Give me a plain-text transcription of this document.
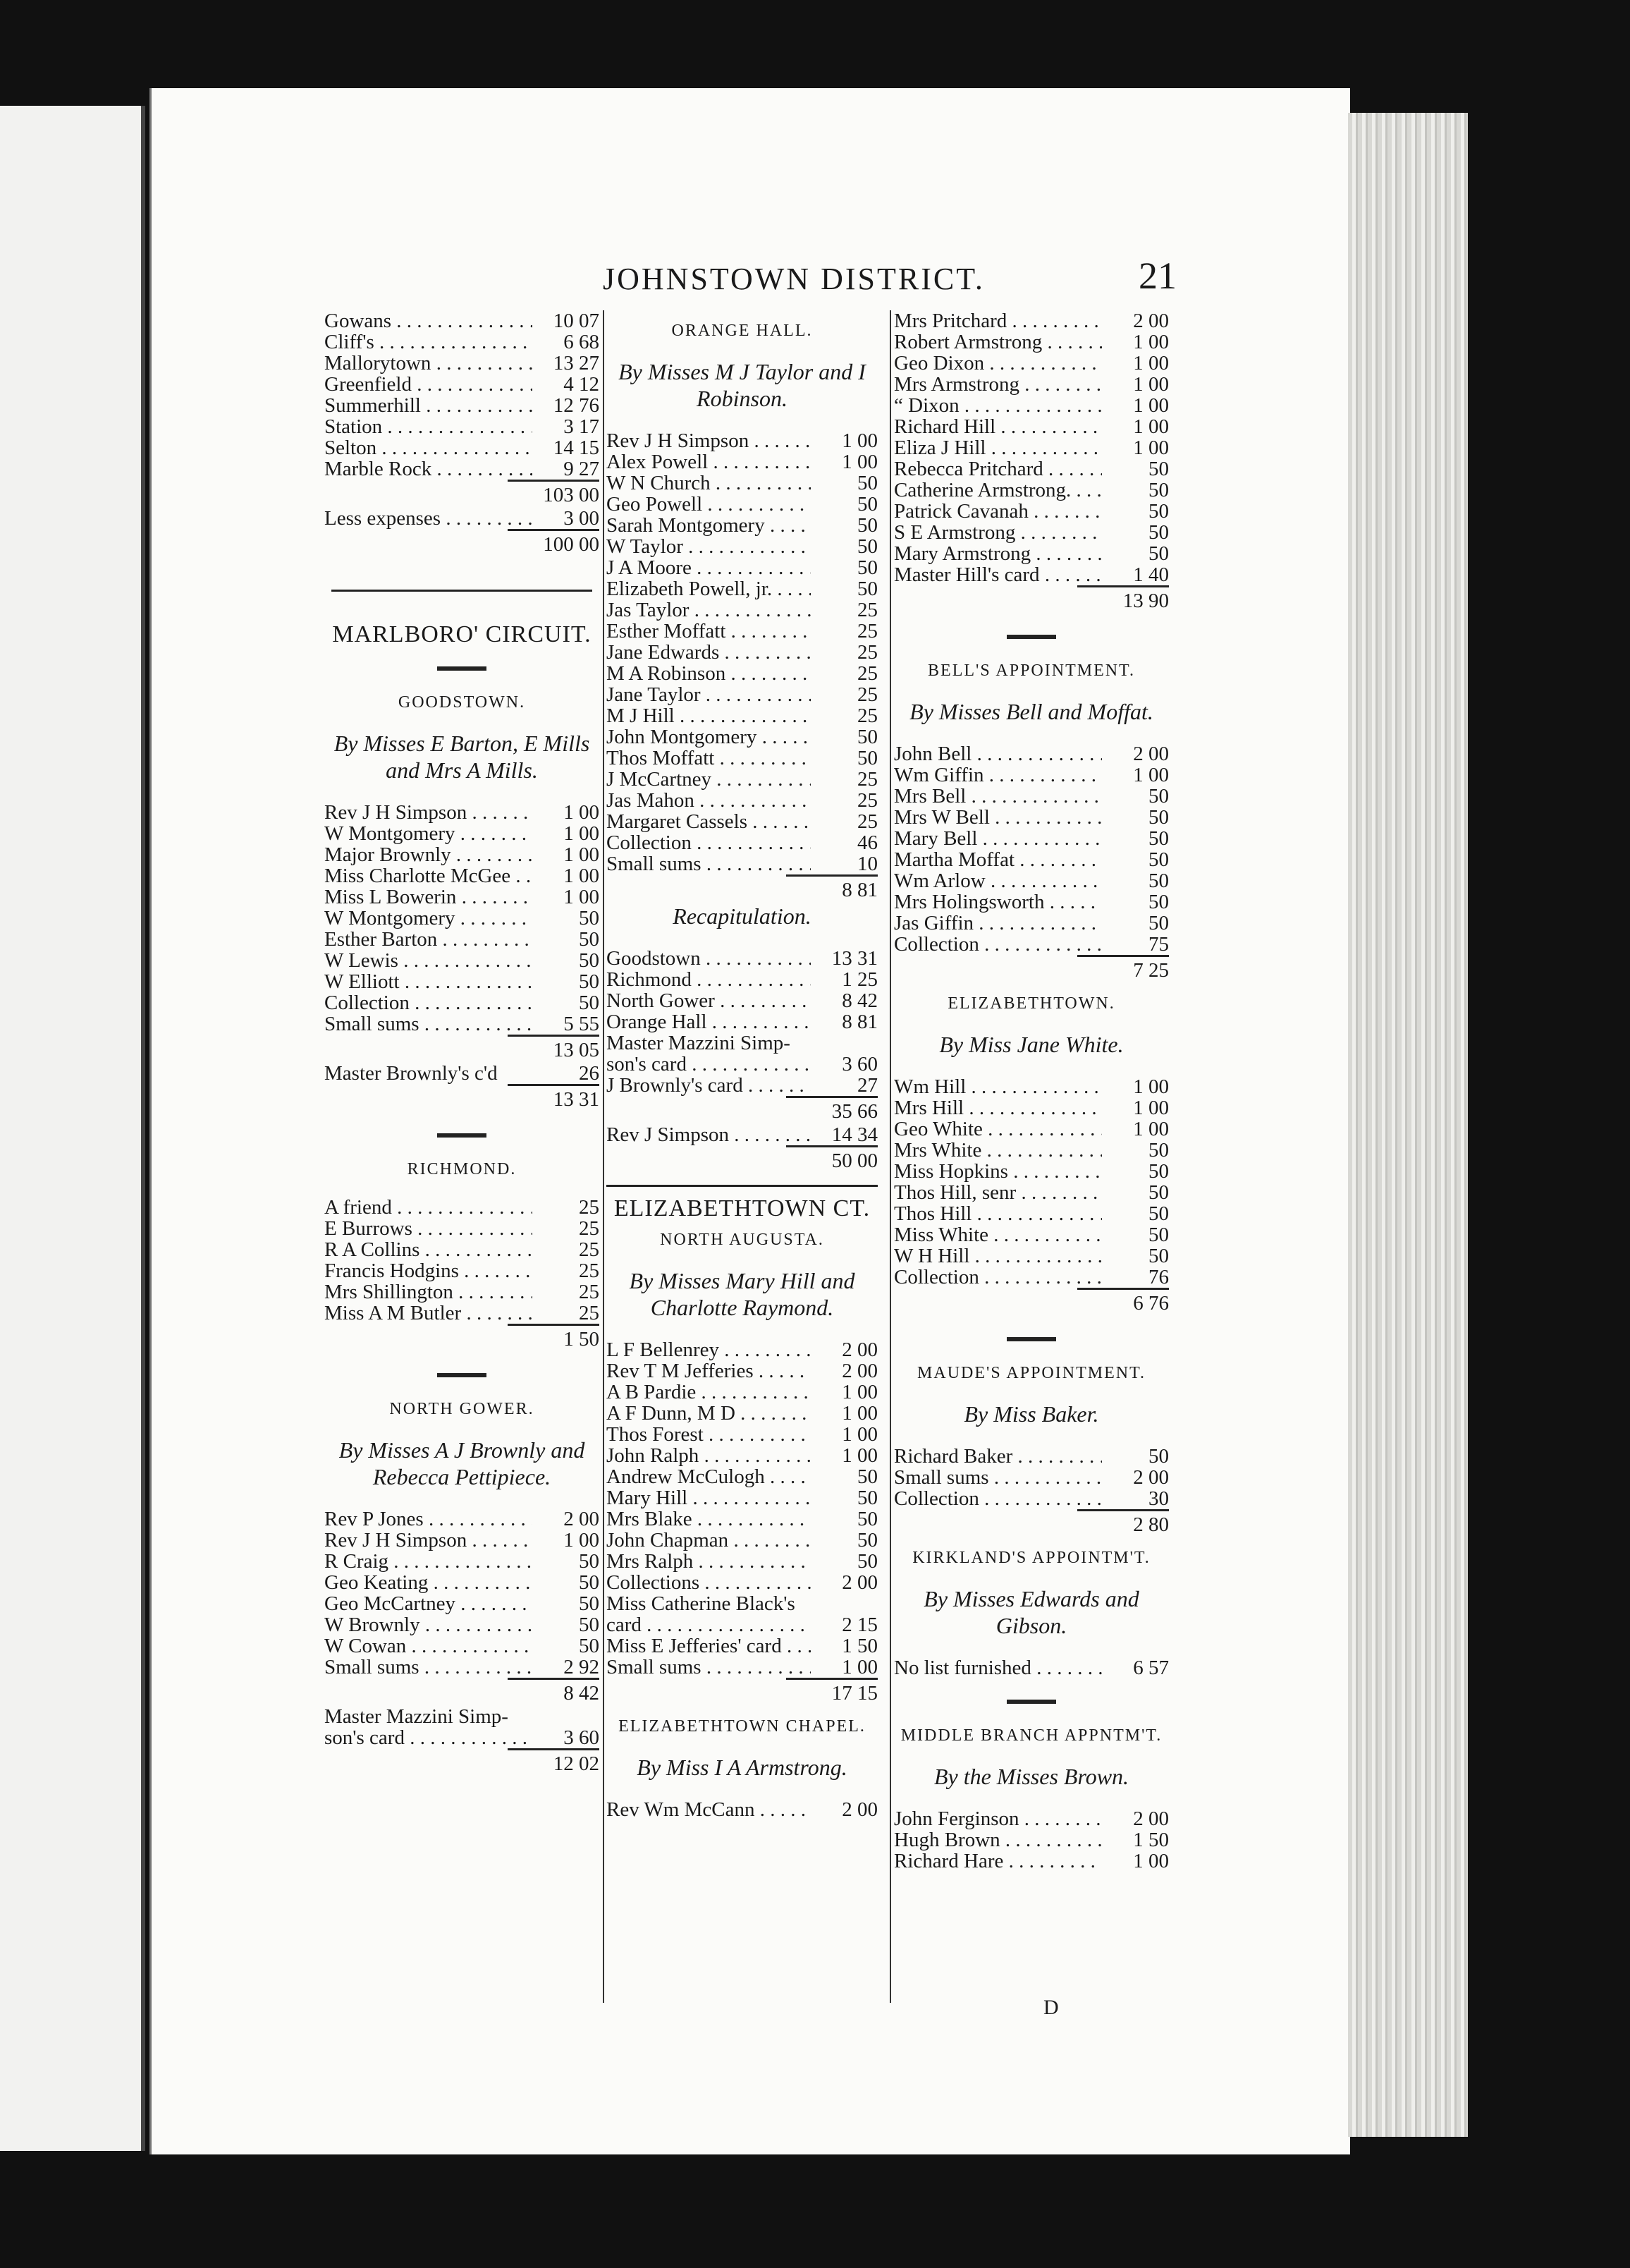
JOHNSTOWN DISTRICT.	21
Gowans . . .	10 07
Cliff's . . .	6 68
Mallorytown . . .	13 27
Greenfield . . .	4 12
Summerhill . . .	12 76
Station . . .	3 17
Selton . . .	14 15
Marble Rock . . .	9 27
103 00
Less expenses . . .	3 00
100 00
MARLBORO' CIRCUIT.
GOODSTOWN.
By Misses E Barton, E Mills and Mrs A Mills.
Rev J H Simpson . . .	1 00
W Montgomery . . .	1 00
Major Brownly . . .	1 00
Miss Charlotte McGee . . .	1 00
Miss L Bowerin . . .	1 00
W Montgomery . . .	50
Esther Barton . . .	50
W Lewis . . .	50
W Elliott . . .	50
Collection . . .	50
Small sums . . .	5 55
13 05
Master Brownly's c'd	26
13 31
RICHMOND.
A friend . . .	25
E Burrows . . .	25
R A Collins . . .	25
Francis Hodgins . . .	25
Mrs Shillington . . .	25
Miss A M Butler . . .	25
1 50
NORTH GOWER.
By Misses A J Brownly and Rebecca Pettipiece.
Rev P Jones . . .	2 00
Rev J H Simpson . . .	1 00
R Craig . . .	50
Geo Keating . . .	50
Geo McCartney . . .	50
W Brownly . . .	50
W Cowan . . .	50
Small sums . . .	2 92
8 42
Master Mazzini Simp-
son's card . . .	3 60
12 02
ORANGE HALL.
By Misses M J Taylor and I Robinson.
Rev J H Simpson . . .	1 00
Alex Powell . . .	1 00
W N Church . . .	50
Geo Powell . . .	50
Sarah Montgomery . . .	50
W Taylor . . .	50
J A Moore . . .	50
Elizabeth Powell, jr. . . .	50
Jas Taylor . . .	25
Esther Moffatt . . .	25
Jane Edwards . . .	25
M A Robinson . . .	25
Jane Taylor . . .	25
M J Hill . . .	25
John Montgomery . . .	50
Thos Moffatt . . .	50
J McCartney . . .	25
Jas Mahon . . .	25
Margaret Cassels . . .	25
Collection . . .	46
Small sums . . .	10
8 81
Recapitulation.
Goodstown . . .	13 31
Richmond . . .	1 25
North Gower . . .	8 42
Orange Hall . . .	8 81
Master Mazzini Simp-
son's card . . .	3 60
J Brownly's card . . .	27
35 66
Rev J Simpson . . .	14 34
50 00
ELIZABETHTOWN CT.
NORTH AUGUSTA.
By Misses Mary Hill and Charlotte Raymond.
L F Bellenrey . . .	2 00
Rev T M Jefferies . . .	2 00
A B Pardie . . .	1 00
A F Dunn, M D . . .	1 00
Thos Forest . . .	1 00
John Ralph . . .	1 00
Andrew McCulogh . . .	50
Mary Hill . . .	50
Mrs Blake . . .	50
John Chapman . . .	50
Mrs Ralph . . .	50
Collections . . .	2 00
Miss Catherine Black's
card . . .	2 15
Miss E Jefferies' card . . .	1 50
Small sums . . .	1 00
17 15
ELIZABETHTOWN CHAPEL.
By Miss I A Armstrong.
Rev Wm McCann . . .	2 00
Mrs Pritchard . . .	2 00
Robert Armstrong . . .	1 00
Geo Dixon . . .	1 00
Mrs Armstrong . . .	1 00
“ Dixon . . .	1 00
Richard Hill . . .	1 00
Eliza J Hill . . .	1 00
Rebecca Pritchard . . .	50
Catherine Armstrong. . . .	50
Patrick Cavanah . . .	50
S E Armstrong . . .	50
Mary Armstrong . . .	50
Master Hill's card . . .	1 40
13 90
BELL'S APPOINTMENT.
By Misses Bell and Moffat.
John Bell . . .	2 00
Wm Giffin . . .	1 00
Mrs Bell . . .	50
Mrs W Bell . . .	50
Mary Bell . . .	50
Martha Moffat . . .	50
Wm Arlow . . .	50
Mrs Holingsworth . . .	50
Jas Giffin . . .	50
Collection . . .	75
7 25
ELIZABETHTOWN.
By Miss Jane White.
Wm Hill . . .	1 00
Mrs Hill . . .	1 00
Geo White . . .	1 00
Mrs White . . .	50
Miss Hopkins . . .	50
Thos Hill, senr . . .	50
Thos Hill . . .	50
Miss White . . .	50
W H Hill . . .	50
Collection . . .	76
6 76
MAUDE'S APPOINTMENT.
By Miss Baker.
Richard Baker . . .	50
Small sums . . .	2 00
Collection . . .	30
2 80
KIRKLAND'S APPOINTM'T.
By Misses Edwards and Gibson.
No list furnished . . .	6 57
MIDDLE BRANCH APPNTM'T.
By the Misses Brown.
John Ferginson . . .	2 00
Hugh Brown . . .	1 50
Richard Hare . . .	1 00
D
